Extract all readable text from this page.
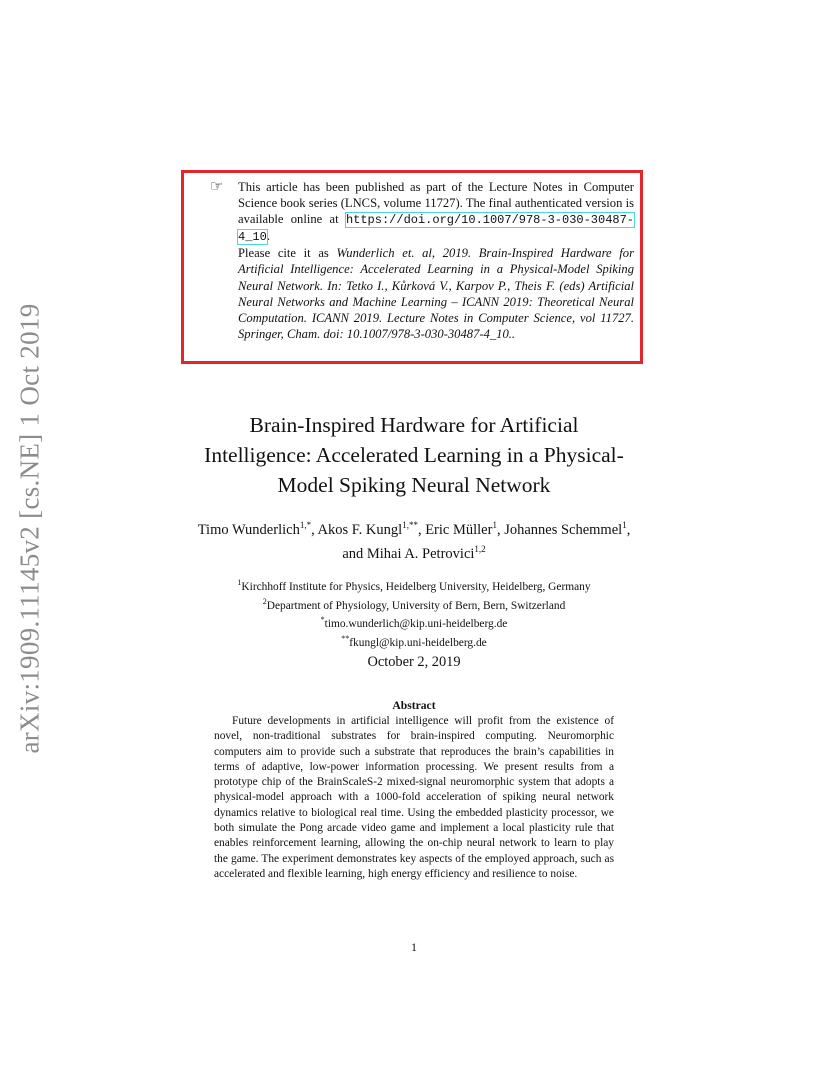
arXiv:1909.11145v2 [cs.NE] 1 Oct 2019
☞ This article has been published as part of the Lecture Notes in Computer Science book series (LNCS, volume 11727). The final authenticated version is available online at https://doi.org/10.1007/978-3-030-30487-4_10.
Please cite it as Wunderlich et. al, 2019. Brain-Inspired Hardware for Artificial Intelligence: Accelerated Learning in a Physical-Model Spiking Neural Network. In: Tetko I., Kůrková V., Karpov P., Theis F. (eds) Artificial Neural Networks and Machine Learning – ICANN 2019: Theoretical Neural Computation. ICANN 2019. Lecture Notes in Computer Science, vol 11727. Springer, Cham. doi: 10.1007/978-3-030-30487-4_10..
Brain-Inspired Hardware for Artificial Intelligence: Accelerated Learning in a Physical-Model Spiking Neural Network
Timo Wunderlich$^{1,*}$, Akos F. Kungl$^{1,**}$, Eric Müller$^1$, Johannes Schemmel$^1$, and Mihai A. Petrovici$^{1,2}$
$^1$Kirchhoff Institute for Physics, Heidelberg University, Heidelberg, Germany
$^2$Department of Physiology, University of Bern, Bern, Switzerland
*timo.wunderlich@kip.uni-heidelberg.de
**fkungl@kip.uni-heidelberg.de
October 2, 2019
Abstract
Future developments in artificial intelligence will profit from the existence of novel, non-traditional substrates for brain-inspired computing. Neuromorphic computers aim to provide such a substrate that reproduces the brain’s capabilities in terms of adaptive, low-power information processing. We present results from a prototype chip of the BrainScaleS-2 mixed-signal neuromorphic system that adopts a physical-model approach with a 1000-fold acceleration of spiking neural network dynamics relative to biological real time. Using the embedded plasticity processor, we both simulate the Pong arcade video game and implement a local plasticity rule that enables reinforcement learning, allowing the on-chip neural network to learn to play the game. The experiment demonstrates key aspects of the employed approach, such as accelerated and flexible learning, high energy efficiency and resilience to noise.
1
